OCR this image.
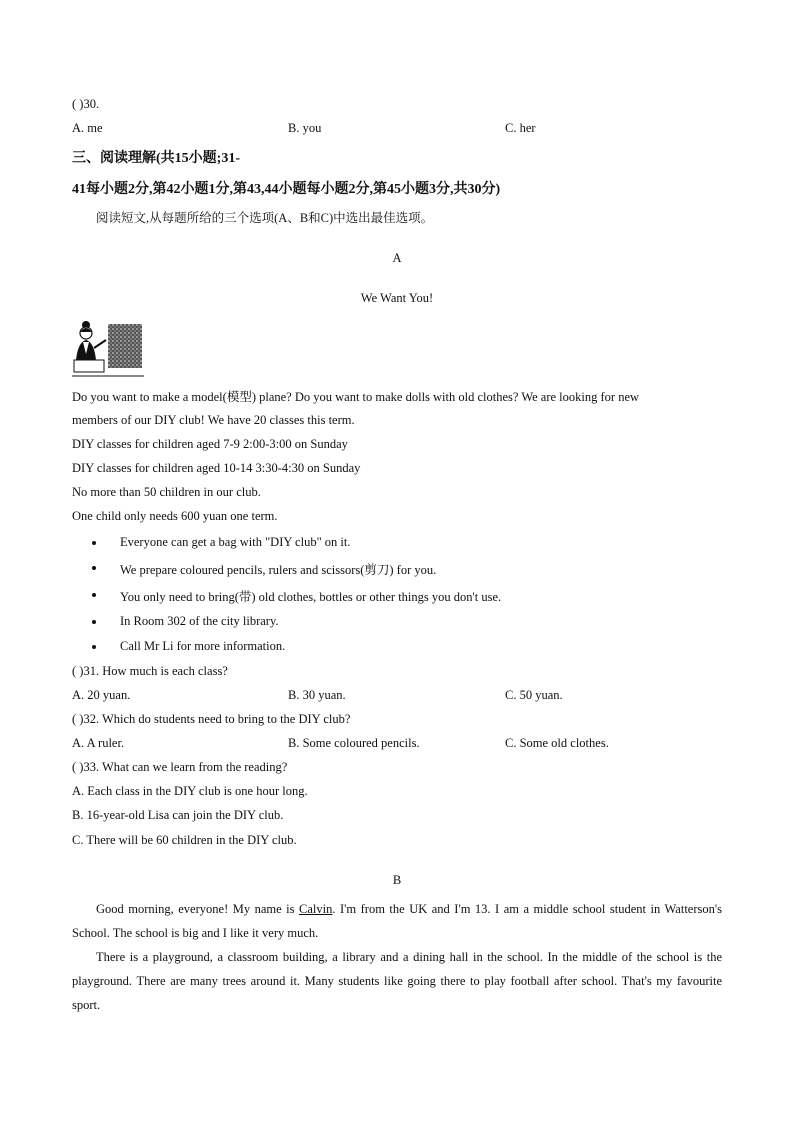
( )30.
A. me	B. you	C. her
三、阅读理解(共15小题;31-
41每小题2分,第42小题1分,第43,44小题每小题2分,第45小题3分,共30分)
阅读短文,从每题所给的三个选项(A、B和C)中选出最佳选项。
A
We Want You!
Do you want to make a model(模型) plane? Do you want to make dolls with old clothes? We are looking for new
members of our DIY club! We have 20 classes this term.
DIY classes for children aged 7-9 2:00-3:00 on Sunday
DIY classes for children aged 10-14 3:30-4:30 on Sunday
No more than 50 children in our club.
One child only needs 600 yuan one term.
Everyone can get a bag with "DIY club" on it.
We prepare coloured pencils, rulers and scissors(剪刀) for you.
You only need to bring(带) old clothes, bottles or other things you don't use.
In Room 302 of the city library.
Call Mr Li for more information.
( )31. How much is each class?
A. 20 yuan.	B. 30 yuan.	C. 50 yuan.
( )32. Which do students need to bring to the DIY club?
A. A ruler.	B. Some coloured pencils.	C. Some old clothes.
( )33. What can we learn from the reading?
A. Each class in the DIY club is one hour long.
B. 16-year-old Lisa can join the DIY club.
C. There will be 60 children in the DIY club.
B

Good morning, everyone! My name is Calvin. I'm from the UK and I'm 13. I am a middle school student in Watterson's School. The school is big and I like it very much.

There is a playground, a classroom building, a library and a dining hall in the school. In the middle of the school is the playground. There are many trees around it. Many students like going there to play football after school. That's my favourite sport.
